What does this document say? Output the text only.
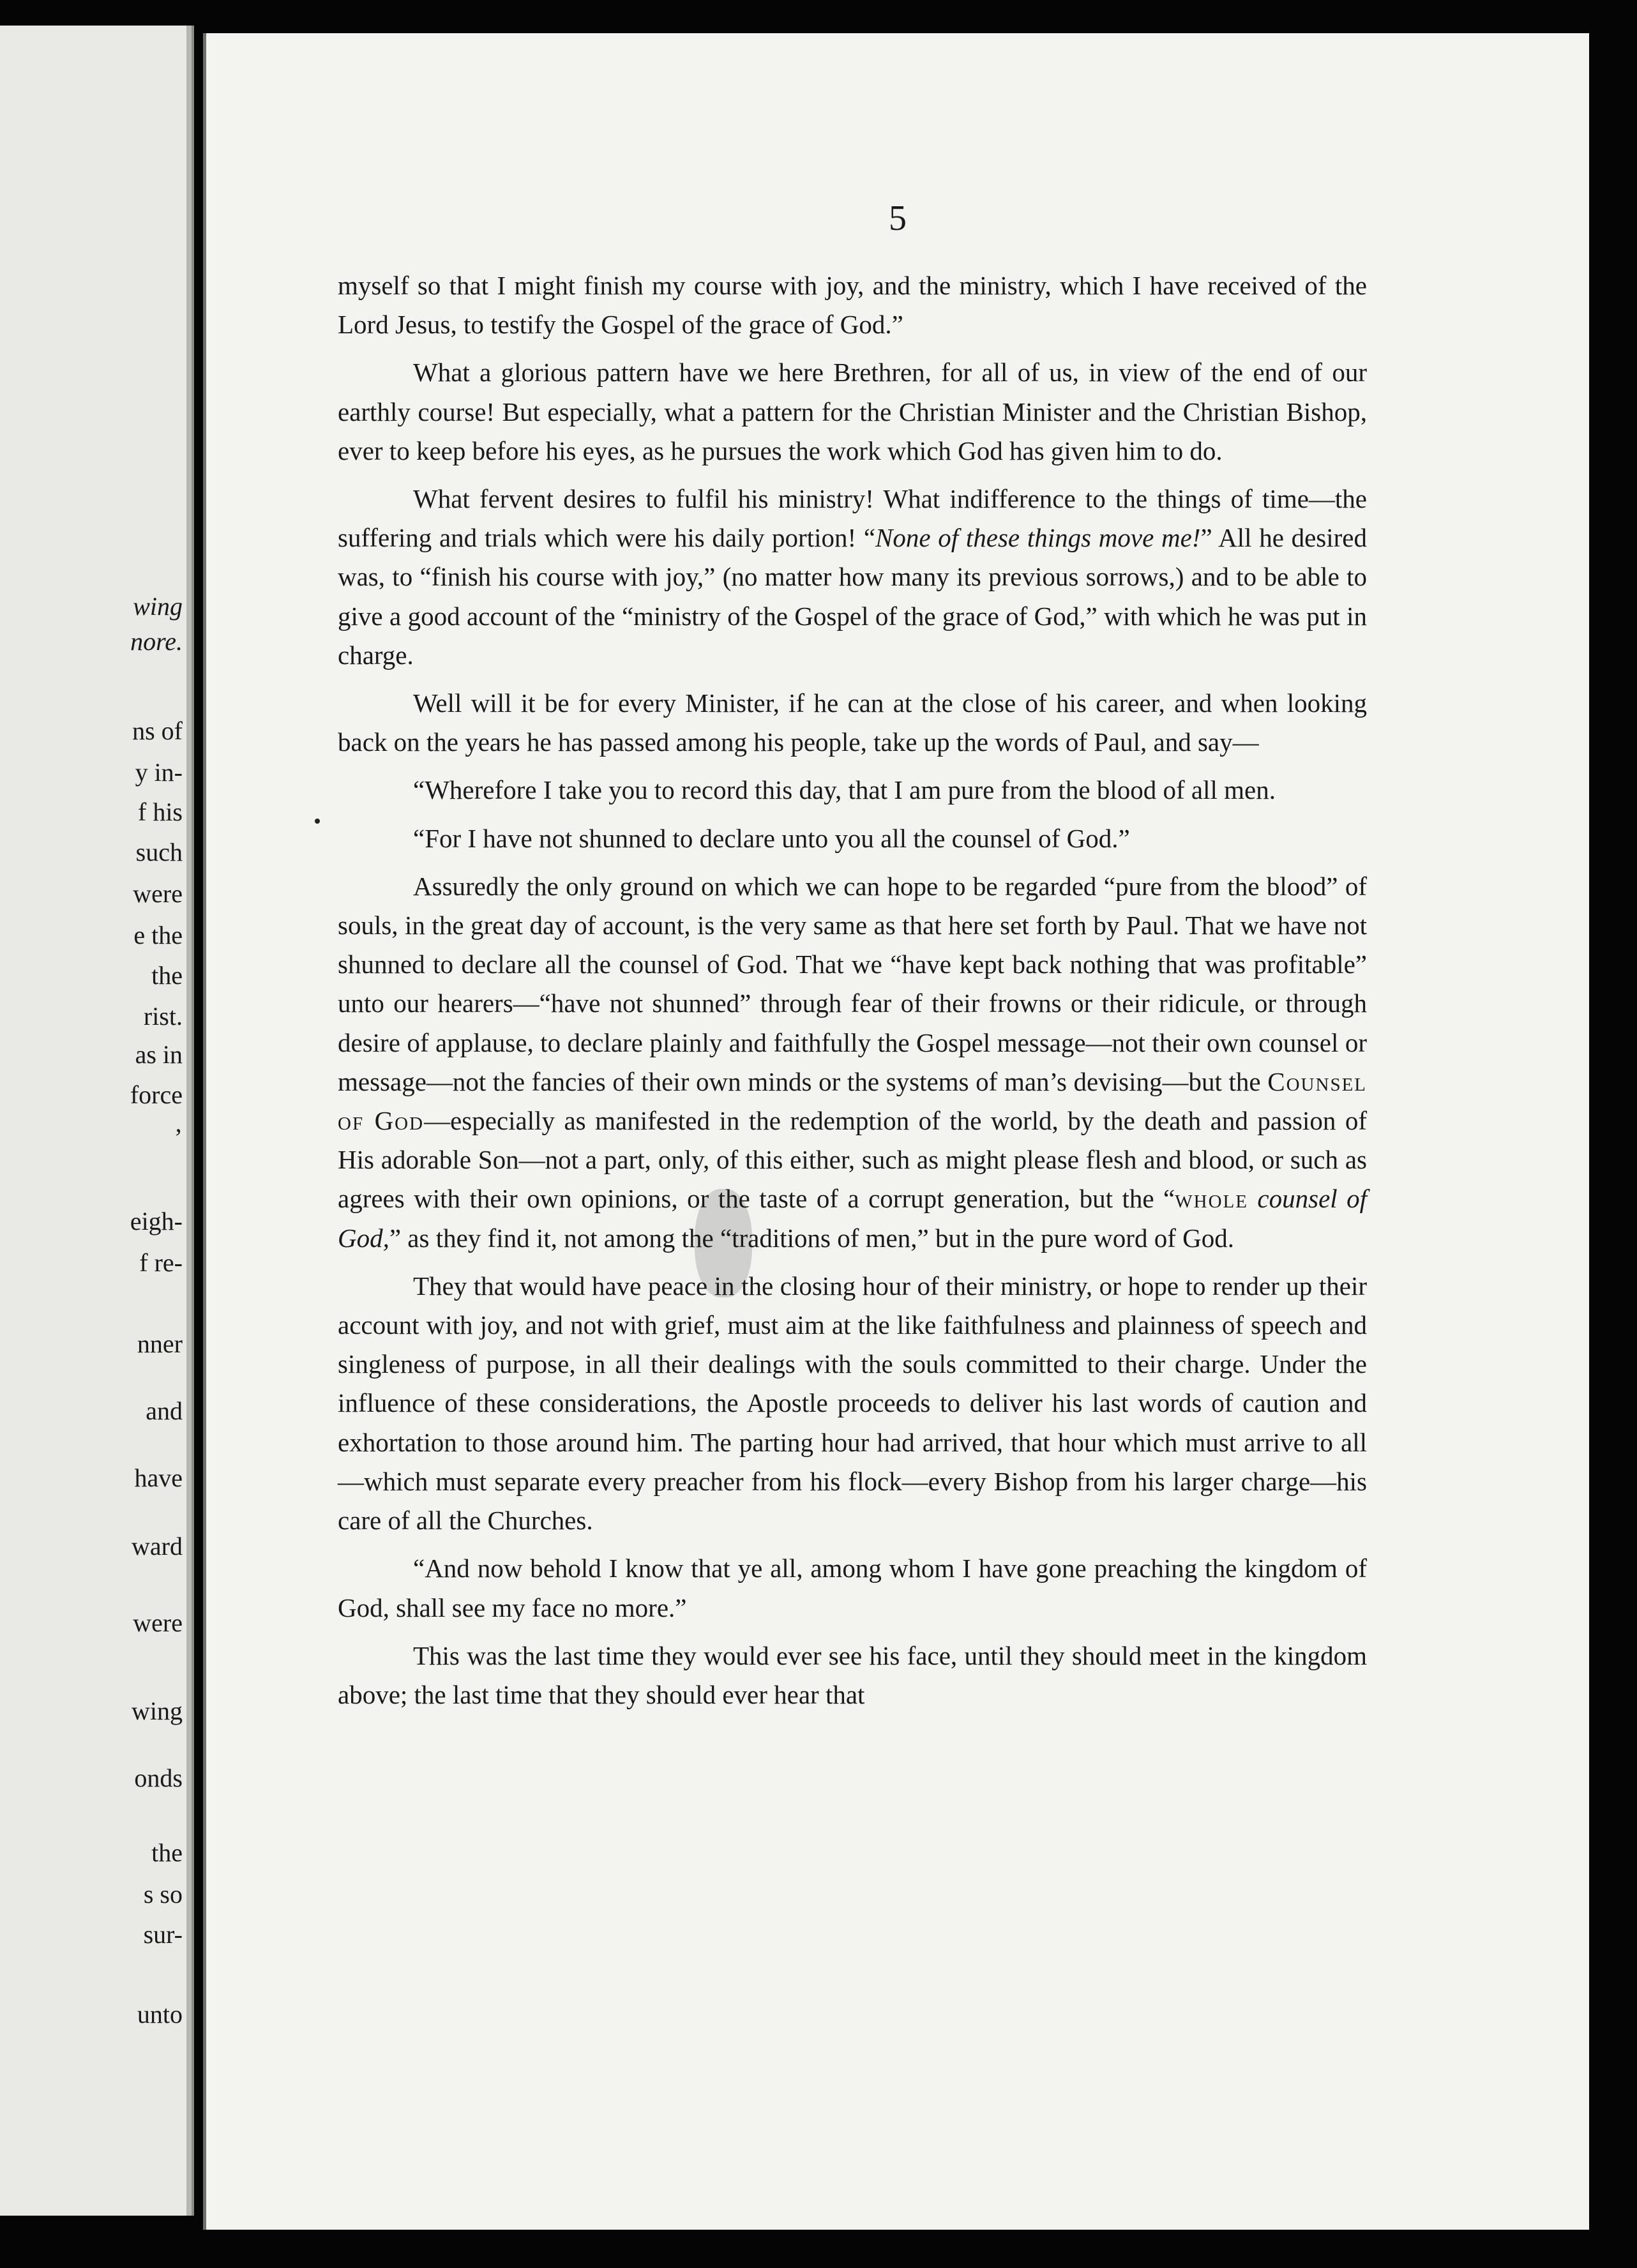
wing
nore.
ns of
y in-
f his
such
were
e the
the
rist.
as in
force
’
eigh-
f re-
nner
and
have
ward
were
wing
onds
the
s so
sur-
unto
5

myself so that I might finish my course with joy, and the ministry, which I have received of the Lord Jesus, to testify the Gospel of the grace of God.”

What a glorious pattern have we here Brethren, for all of us, in view of the end of our earthly course! But especially, what a pattern for the Christian Minister and the Christian Bishop, ever to keep before his eyes, as he pursues the work which God has given him to do.

What fervent desires to fulfil his ministry! What indifference to the things of time—the suffering and trials which were his daily portion! “None of these things move me!” All he desired was, to “finish his course with joy,” (no matter how many its previous sorrows,) and to be able to give a good account of the “ministry of the Gospel of the grace of God,” with which he was put in charge.

Well will it be for every Minister, if he can at the close of his career, and when looking back on the years he has passed among his people, take up the words of Paul, and say—

“Wherefore I take you to record this day, that I am pure from the blood of all men.

“For I have not shunned to declare unto you all the counsel of God.”

Assuredly the only ground on which we can hope to be regarded “pure from the blood” of souls, in the great day of account, is the very same as that here set forth by Paul. That we have not shunned to declare all the counsel of God. That we “have kept back nothing that was profitable” unto our hearers—“have not shunned” through fear of their frowns or their ridicule, or through desire of applause, to declare plainly and faithfully the Gospel message—not their own counsel or message—not the fancies of their own minds or the systems of man’s devising—but the Counsel of God—especially as manifested in the redemption of the world, by the death and passion of His adorable Son—not a part, only, of this either, such as might please flesh and blood, or such as agrees with their own opinions, or the taste of a corrupt generation, but the “whole counsel of God,” as they find it, not among the “traditions of men,” but in the pure word of God.

They that would have peace in the closing hour of their ministry, or hope to render up their account with joy, and not with grief, must aim at the like faithfulness and plainness of speech and singleness of purpose, in all their dealings with the souls committed to their charge. Under the influence of these considerations, the Apostle proceeds to deliver his last words of caution and exhortation to those around him. The parting hour had arrived, that hour which must arrive to all—which must separate every preacher from his flock—every Bishop from his larger charge—his care of all the Churches.

“And now behold I know that ye all, among whom I have gone preaching the kingdom of God, shall see my face no more.”

This was the last time they would ever see his face, until they should meet in the kingdom above; the last time that they should ever hear that
